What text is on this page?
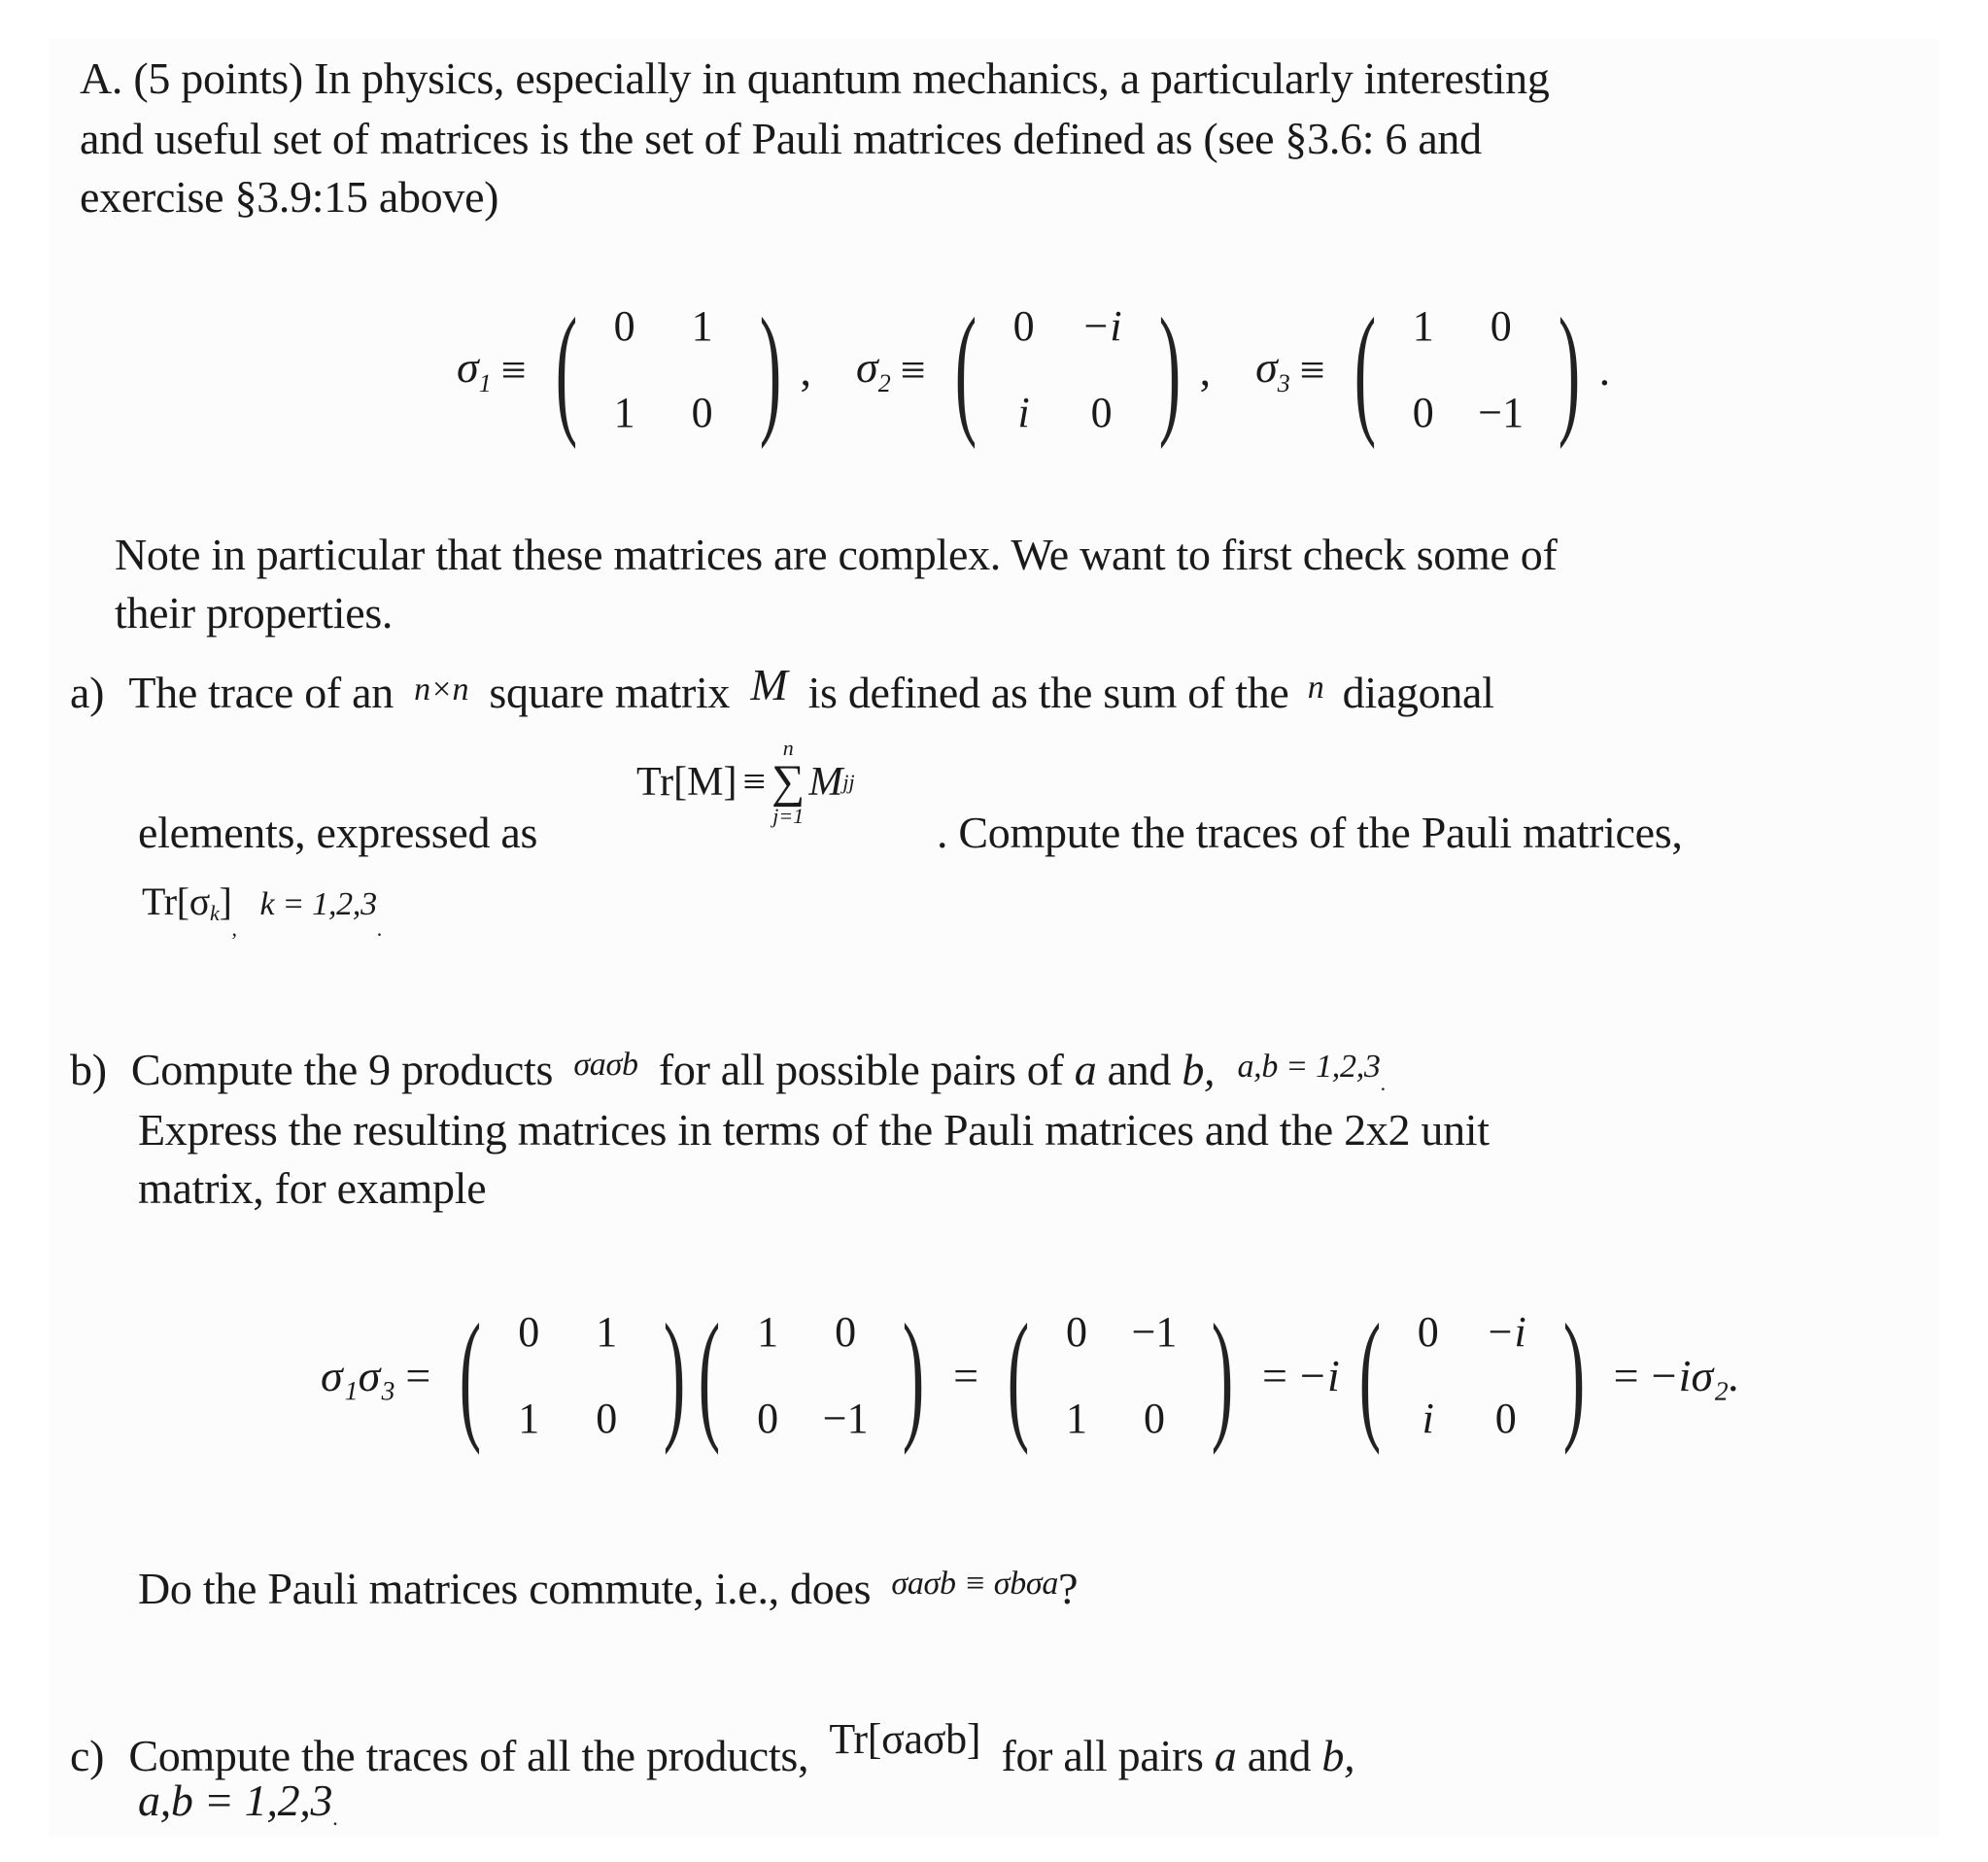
A. (5 points) In physics, especially in quantum mechanics, a particularly interesting
and useful set of matrices is the set of Pauli matrices defined as (see §3.6: 6 and
exercise §3.9:15 above)
$\sigma_1$ ≡ ( 0	1
1	0 ) , $\sigma_2$ ≡ ( 0	−i
i	0 ) , $\sigma_3$ ≡ ( 1	0
0	−1 ) .
Note in particular that these matrices are complex. We want to first check some of
their properties.
a) The trace of an n×n square matrix M is defined as the sum of the $^n$ diagonal
elements, expressed as
Tr[M] ≡
n
∑
j=1
M jj
. Compute the traces of the Pauli matrices,
$Tr[\sigma k]_,$ $k = 1,2,3_.$
b) Compute the 9 products $^{\sigma a\sigma b}$ for all possible pairs of a and b, a,b = 1,2,3.
Express the resulting matrices in terms of the Pauli matrices and the 2x2 unit
matrix, for example
σ₁σ₃ = ( 0	1
1	0 ) ( 1	0
0	−1 ) = ( 0	−1
1	0 ) = −i ( 0	−i
i	0 ) = −iσ₂.
Do the Pauli matrices commute, i.e., does $^{\sigma a\sigma b \equiv \sigma b\sigma a}$?
c) Compute the traces of all the products, Tr[σaσb] for all pairs a and b,
$a,b = 1,2,3_.$
